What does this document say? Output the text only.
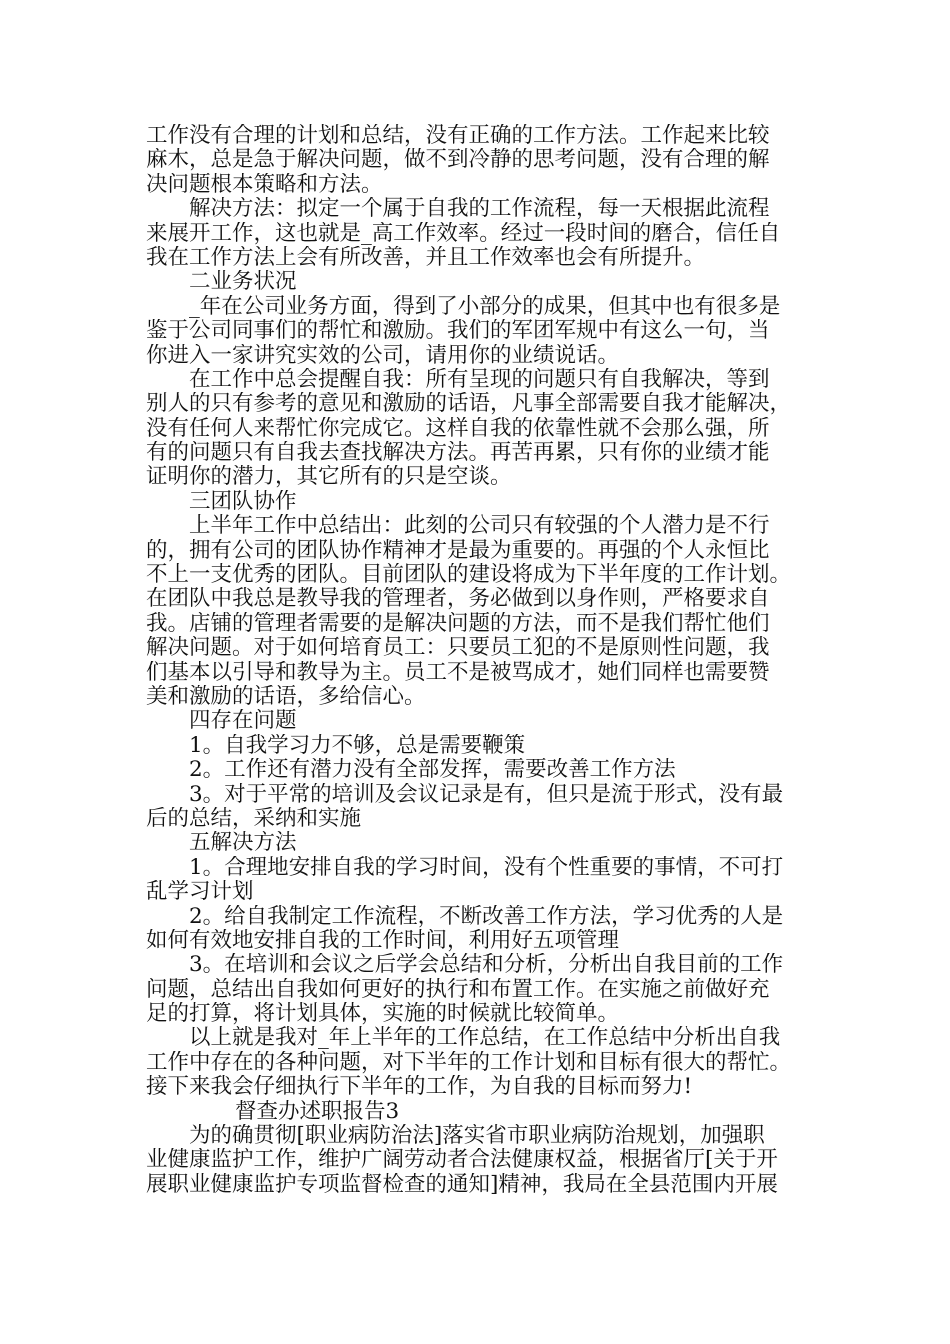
工作没有合理的计划和总结，没有正确的工作方法。工作起来比较
麻木，总是急于解决问题，做不到冷静的思考问题，没有合理的解
决问题根本策略和方法。
解决方法：拟定一个属于自我的工作流程，每一天根据此流程
来展开工作，这也就是_高工作效率。经过一段时间的磨合，信任自
我在工作方法上会有所改善，并且工作效率也会有所提升。
二业务状况
_年在公司业务方面，得到了小部分的成果，但其中也有很多是
鉴于公司同事们的帮忙和激励。我们的军团军规中有这么一句，当
你进入一家讲究实效的公司，请用你的业绩说话。
在工作中总会提醒自我：所有呈现的问题只有自我解决，等到
别人的只有参考的意见和激励的话语，凡事全部需要自我才能解决，
没有任何人来帮忙你完成它。这样自我的依靠性就不会那么强，所
有的问题只有自我去查找解决方法。再苦再累，只有你的业绩才能
证明你的潜力，其它所有的只是空谈。
三团队协作
上半年工作中总结出：此刻的公司只有较强的个人潜力是不行
的，拥有公司的团队协作精神才是最为重要的。再强的个人永恒比
不上一支优秀的团队。目前团队的建设将成为下半年度的工作计划。
在团队中我总是教导我的管理者，务必做到以身作则，严格要求自
我。店铺的管理者需要的是解决问题的方法，而不是我们帮忙他们
解决问题。对于如何培育员工：只要员工犯的不是原则性问题，我
们基本以引导和教导为主。员工不是被骂成才，她们同样也需要赞
美和激励的话语，多给信心。
四存在问题
1。自我学习力不够，总是需要鞭策
2。工作还有潜力没有全部发挥，需要改善工作方法
3。对于平常的培训及会议记录是有，但只是流于形式，没有最
后的总结，采纳和实施
五解决方法
1。合理地安排自我的学习时间，没有个性重要的事情，不可打
乱学习计划
2。给自我制定工作流程，不断改善工作方法，学习优秀的人是
如何有效地安排自我的工作时间，利用好五项管理
3。在培训和会议之后学会总结和分析，分析出自我目前的工作
问题，总结出自我如何更好的执行和布置工作。在实施之前做好充
足的打算，将计划具体，实施的时候就比较简单。
以上就是我对_年上半年的工作总结，在工作总结中分析出自我
工作中存在的各种问题，对下半年的工作计划和目标有很大的帮忙。
接下来我会仔细执行下半年的工作，为自我的目标而努力!
督查办述职报告3
为的确贯彻[职业病防治法]落实省市职业病防治规划，加强职
业健康监护工作，维护广阔劳动者合法健康权益，根据省厅[关于开
展职业健康监护专项监督检查的通知]精神，我局在全县范围内开展
